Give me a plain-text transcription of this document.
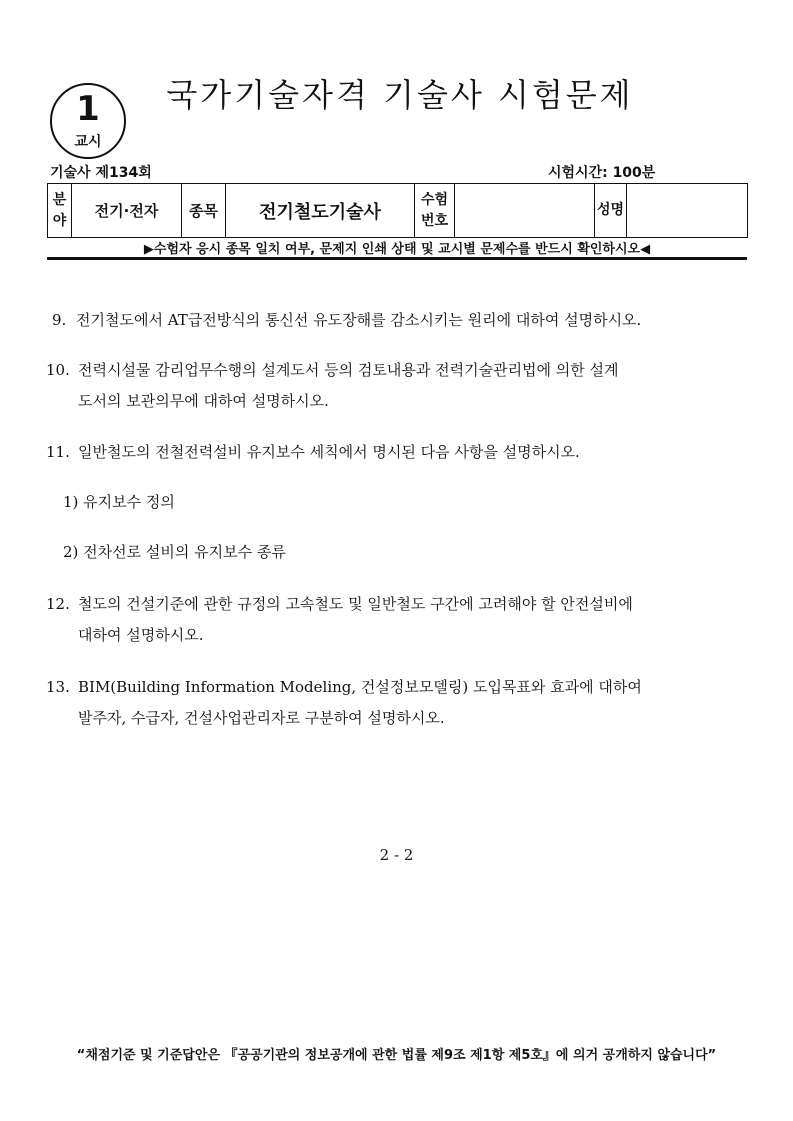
1
교시
국가기술자격 기술사 시험문제
기술사 제134회	시험시간: 100분
분야	전기·전자	종목	전기철도기술사	수험번호		성명	
▶수험자 응시 종목 일치 여부, 문제지 인쇄 상태 및 교시별 문제수를 반드시 확인하시오◀
9. 전기철도에서 AT급전방식의 통신선 유도장해를 감소시키는 원리에 대하여 설명하시오.
10. 전력시설물 감리업무수행의 설계도서 등의 검토내용과 전력기술관리법에 의한 설계
도서의 보관의무에 대하여 설명하시오.
11. 일반철도의 전철전력설비 유지보수 세칙에서 명시된 다음 사항을 설명하시오.
1) 유지보수 정의
2) 전차선로 설비의 유지보수 종류
12. 철도의 건설기준에 관한 규정의 고속철도 및 일반철도 구간에 고려해야 할 안전설비에
대하여 설명하시오.
13. BIM(Building Information Modeling, 건설정보모델링) 도입목표와 효과에 대하여
발주자, 수급자, 건설사업관리자로 구분하여 설명하시오.
2 - 2
“채점기준 및 기준답안은 『공공기관의 정보공개에 관한 법률 제9조 제1항 제5호』에 의거 공개하지 않습니다”
